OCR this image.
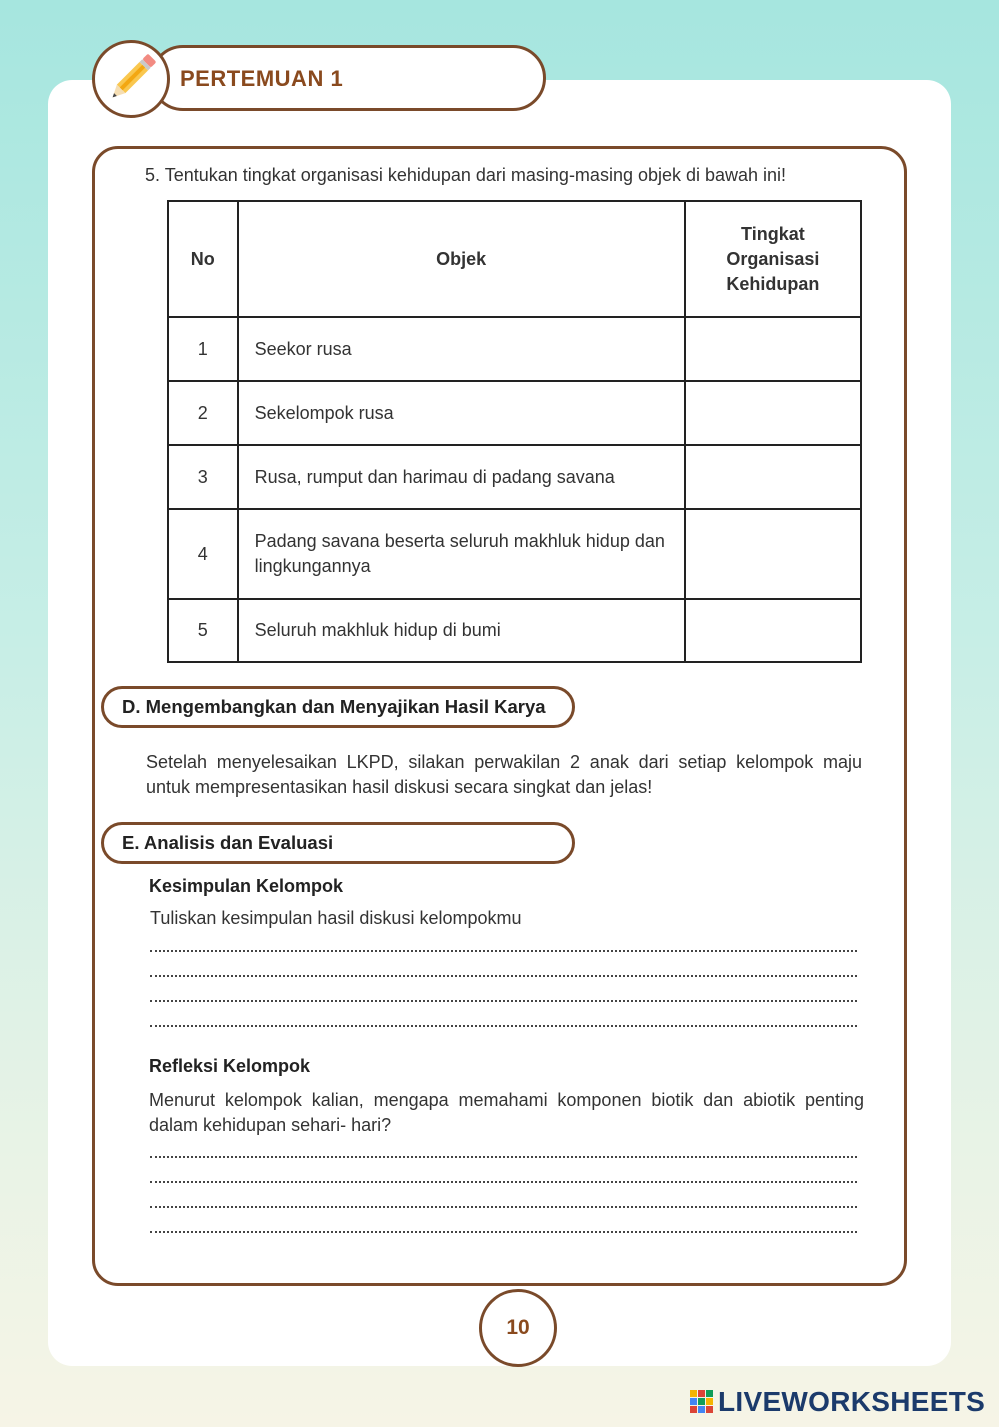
PERTEMUAN 1
5. Tentukan tingkat organisasi kehidupan dari masing-masing objek di bawah ini!
No	Objek	Tingkat
Organisasi
Kehidupan

1	Seekor rusa	
2	Sekelompok rusa	
3	Rusa, rumput dan harimau di padang savana	
4	Padang savana beserta seluruh makhluk hidup dan lingkungannya	
5	Seluruh makhluk hidup di bumi	
D. Mengembangkan dan Menyajikan Hasil Karya
Setelah menyelesaikan LKPD, silakan perwakilan 2 anak dari setiap kelompok maju untuk mempresentasikan hasil diskusi secara singkat dan jelas!
E. Analisis dan Evaluasi
Kesimpulan Kelompok
Tuliskan kesimpulan hasil diskusi kelompokmu
Refleksi Kelompok
Menurut kelompok kalian, mengapa memahami komponen biotik dan abiotik penting dalam kehidupan sehari- hari?
10
LIVEWORKSHEETS
